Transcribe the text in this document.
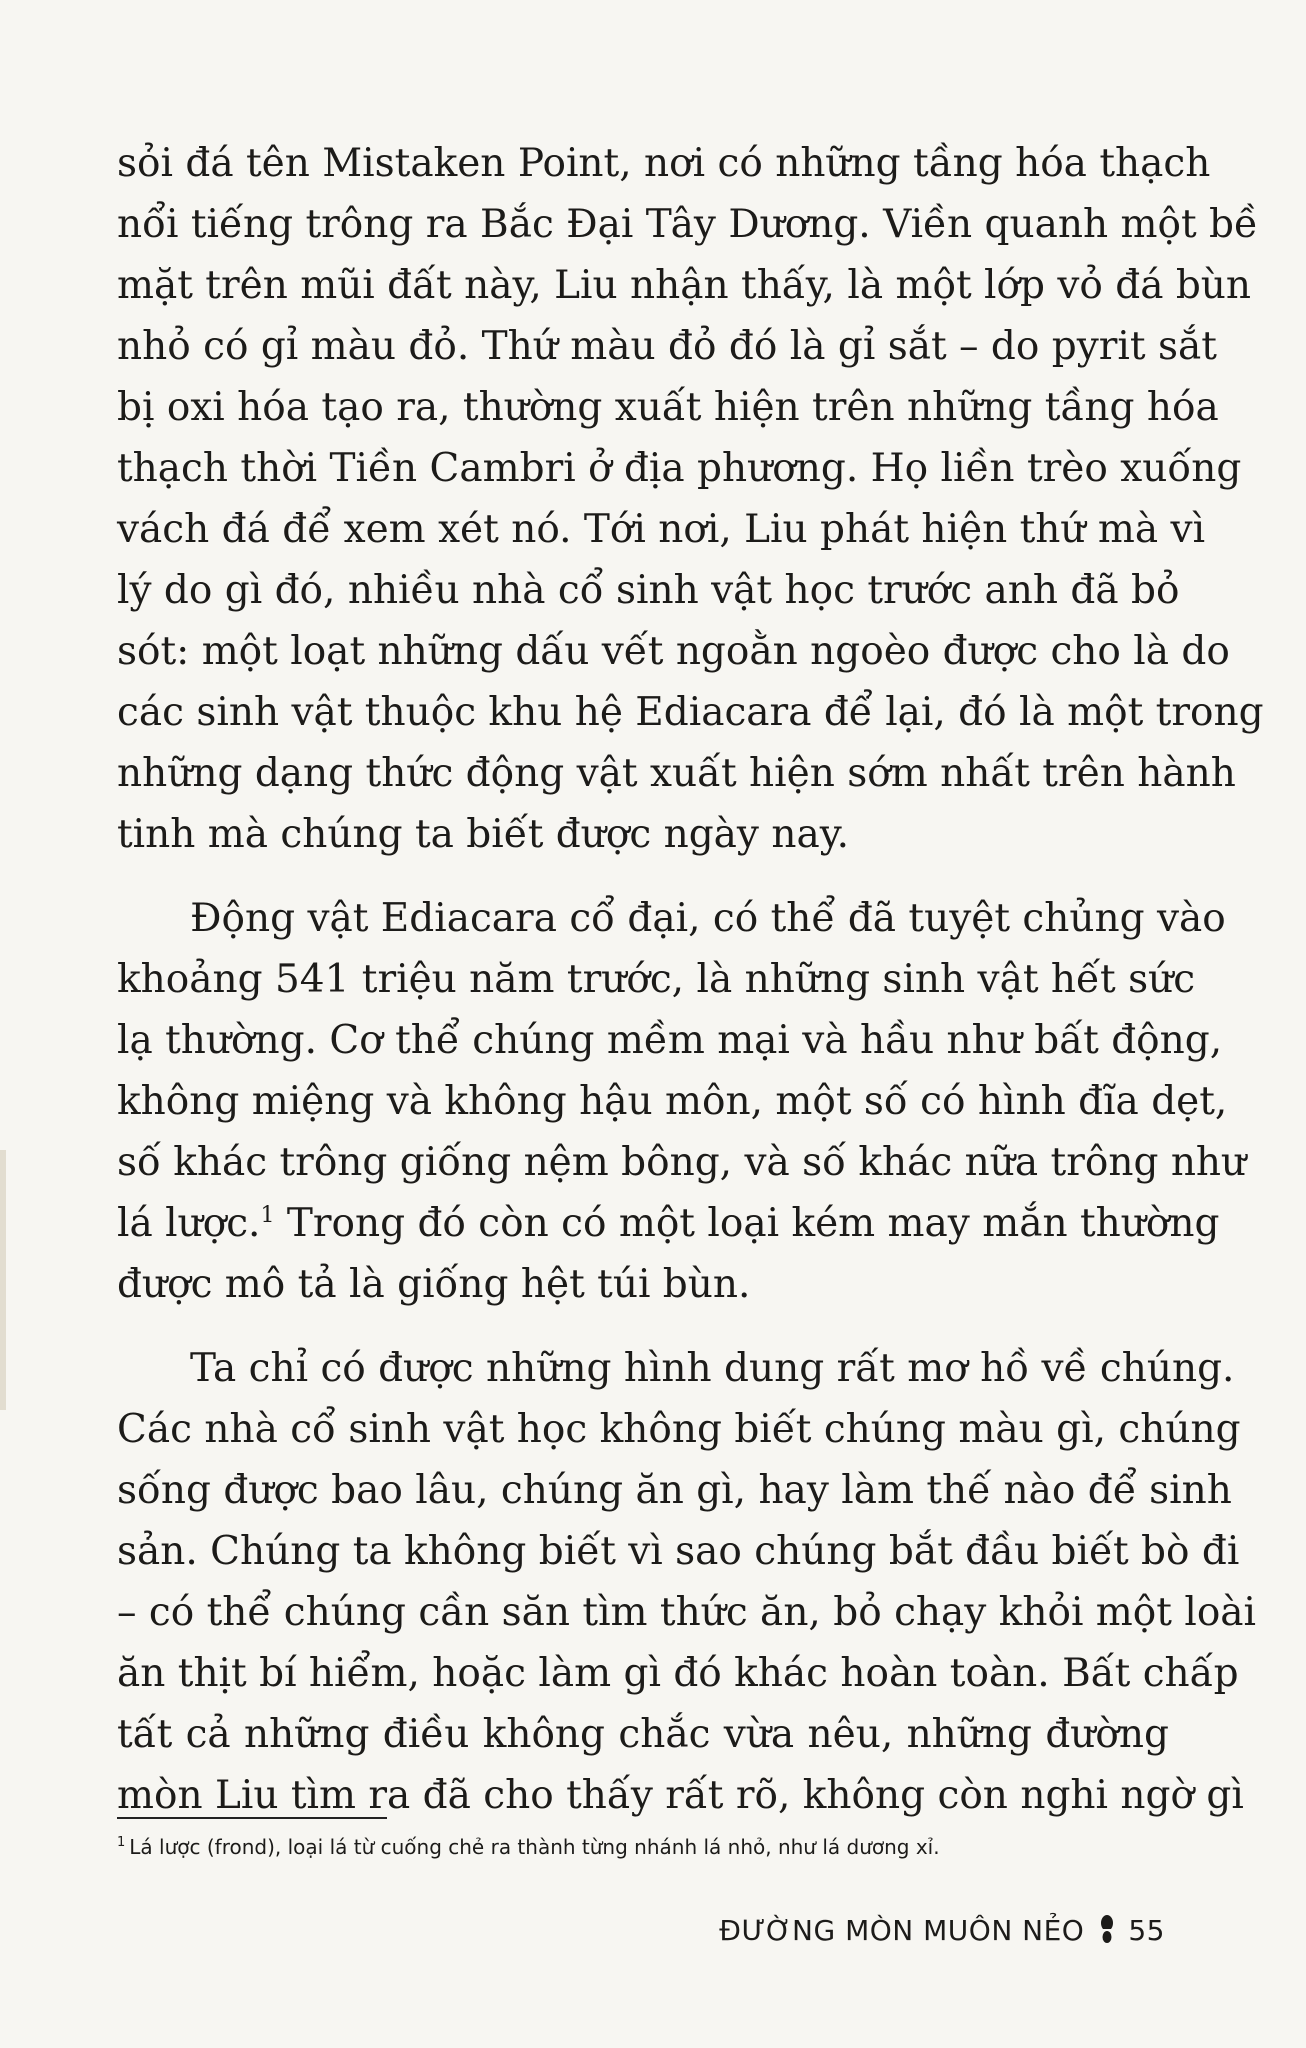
sỏi đá tên Mistaken Point, nơi có những tầng hóa thạch
nổi tiếng trông ra Bắc Đại Tây Dương. Viền quanh một bề
mặt trên mũi đất này, Liu nhận thấy, là một lớp vỏ đá bùn
nhỏ có gỉ màu đỏ. Thứ màu đỏ đó là gỉ sắt – do pyrit sắt
bị oxi hóa tạo ra, thường xuất hiện trên những tầng hóa
thạch thời Tiền Cambri ở địa phương. Họ liền trèo xuống
vách đá để xem xét nó. Tới nơi, Liu phát hiện thứ mà vì
lý do gì đó, nhiều nhà cổ sinh vật học trước anh đã bỏ
sót: một loạt những dấu vết ngoằn ngoèo được cho là do
các sinh vật thuộc khu hệ Ediacara để lại, đó là một trong
những dạng thức động vật xuất hiện sớm nhất trên hành
tinh mà chúng ta biết được ngày nay.
Động vật Ediacara cổ đại, có thể đã tuyệt chủng vào
khoảng 541 triệu năm trước, là những sinh vật hết sức
lạ thường. Cơ thể chúng mềm mại và hầu như bất động,
không miệng và không hậu môn, một số có hình đĩa dẹt,
số khác trông giống nệm bông, và số khác nữa trông như
lá lược.$^1$ Trong đó còn có một loại kém may mắn thường
được mô tả là giống hệt túi bùn.
Ta chỉ có được những hình dung rất mơ hồ về chúng.
Các nhà cổ sinh vật học không biết chúng màu gì, chúng
sống được bao lâu, chúng ăn gì, hay làm thế nào để sinh
sản. Chúng ta không biết vì sao chúng bắt đầu biết bò đi
– có thể chúng cần săn tìm thức ăn, bỏ chạy khỏi một loài
ăn thịt bí hiểm, hoặc làm gì đó khác hoàn toàn. Bất chấp
tất cả những điều không chắc vừa nêu, những đường
mòn Liu tìm ra đã cho thấy rất rõ, không còn nghi ngờ gì
$^1$ Lá lược (frond), loại lá từ cuống chẻ ra thành từng nhánh lá nhỏ, như lá dương xỉ.
ĐƯỜNG MÒN MUÔN NẺO 55
